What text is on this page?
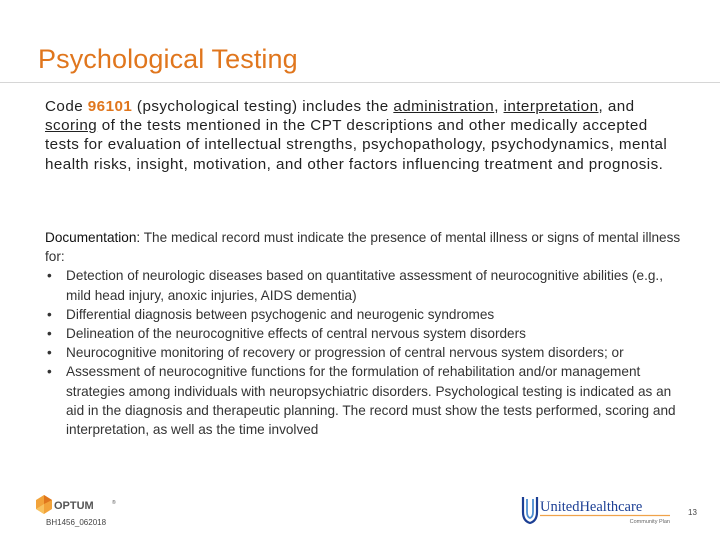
Psychological Testing
Code 96101 (psychological testing) includes the administration, interpretation, and scoring of the tests mentioned in the CPT descriptions and other medically accepted tests for evaluation of intellectual strengths, psychopathology, psychodynamics, mental health risks, insight, motivation, and other factors influencing treatment and prognosis.
Documentation: The medical record must indicate the presence of mental illness or signs of mental illness for:
• Detection of neurologic diseases based on quantitative assessment of neurocognitive abilities (e.g., mild head injury, anoxic injuries, AIDS dementia)
• Differential diagnosis between psychogenic and neurogenic syndromes
• Delineation of the neurocognitive effects of central nervous system disorders
• Neurocognitive monitoring of recovery or progression of central nervous system disorders; or
• Assessment of neurocognitive functions for the formulation of rehabilitation and/or management strategies among individuals with neuropsychiatric disorders. Psychological testing is indicated as an aid in the diagnosis and therapeutic planning. The record must show the tests performed, scoring and interpretation, as well as the time involved
OPTUM	®
BH1456_062018
UnitedHealthcare
Community Plan
13
